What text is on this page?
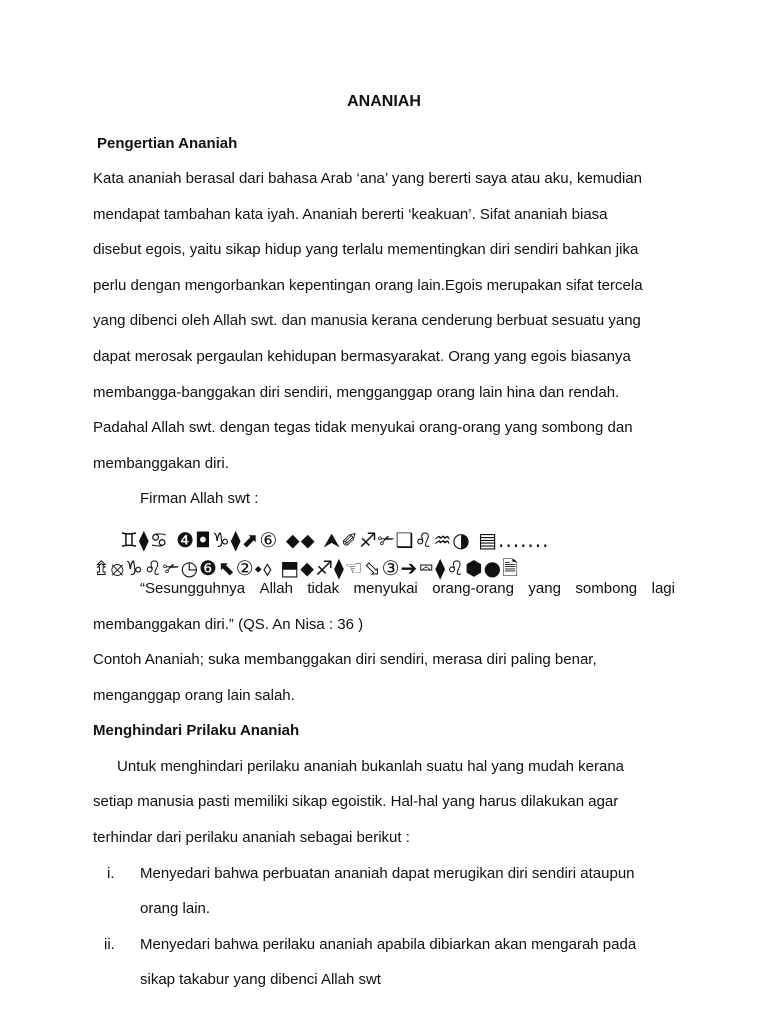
ANANIAH
Pengertian Ananiah
Kata ananiah berasal dari bahasa Arab ‘ana’ yang bererti saya atau aku, kemudian
mendapat tambahan kata iyah. Ananiah bererti ‘keakuan’. Sifat ananiah biasa
disebut egois, yaitu sikap hidup yang terlalu mementingkan diri sendiri bahkan jika
perlu dengan mengorbankan kepentingan orang lain.Egois merupakan sifat tercela
yang dibenci oleh Allah swt. dan manusia kerana cenderung berbuat sesuatu yang
dapat merosak pergaulan kehidupan bermasyarakat. Orang yang egois biasanya
membangga-banggakan diri sendiri, mengganggap orang lain hina dan rendah.
Padahal Allah swt. dengan tegas tidak menyukai orang-orang yang sombong dan
membanggakan diri.
Firman Allah swt :
♊⧫♋ ❹◘♑⧫⬈⑥ ⬥⬥ ⮝✐♐✃❑♌♒◑ ▤.......
⇯⦻♑♌✃◷❻⬉②⬩⬨ ⬒⬥♐⧫☜⬂③➔⮹⧫♌⬢●🗎
“Sesungguhnya Allah tidak menyukai orang-orang yang sombong lagi
membanggakan diri.” (QS. An Nisa : 36 )
Contoh Ananiah; suka membanggakan diri sendiri, merasa diri paling benar,
menganggap orang lain salah.
Menghindari Prilaku Ananiah
Untuk menghindari perilaku ananiah bukanlah suatu hal yang mudah kerana
setiap manusia pasti memiliki sikap egoistik. Hal-hal yang harus dilakukan agar
terhindar dari perilaku ananiah sebagai berikut :
i. Menyedari bahwa perbuatan ananiah dapat merugikan diri sendiri ataupun
orang lain.
ii. Menyedari bahwa perilaku ananiah apabila dibiarkan akan mengarah pada
sikap takabur yang dibenci Allah swt
